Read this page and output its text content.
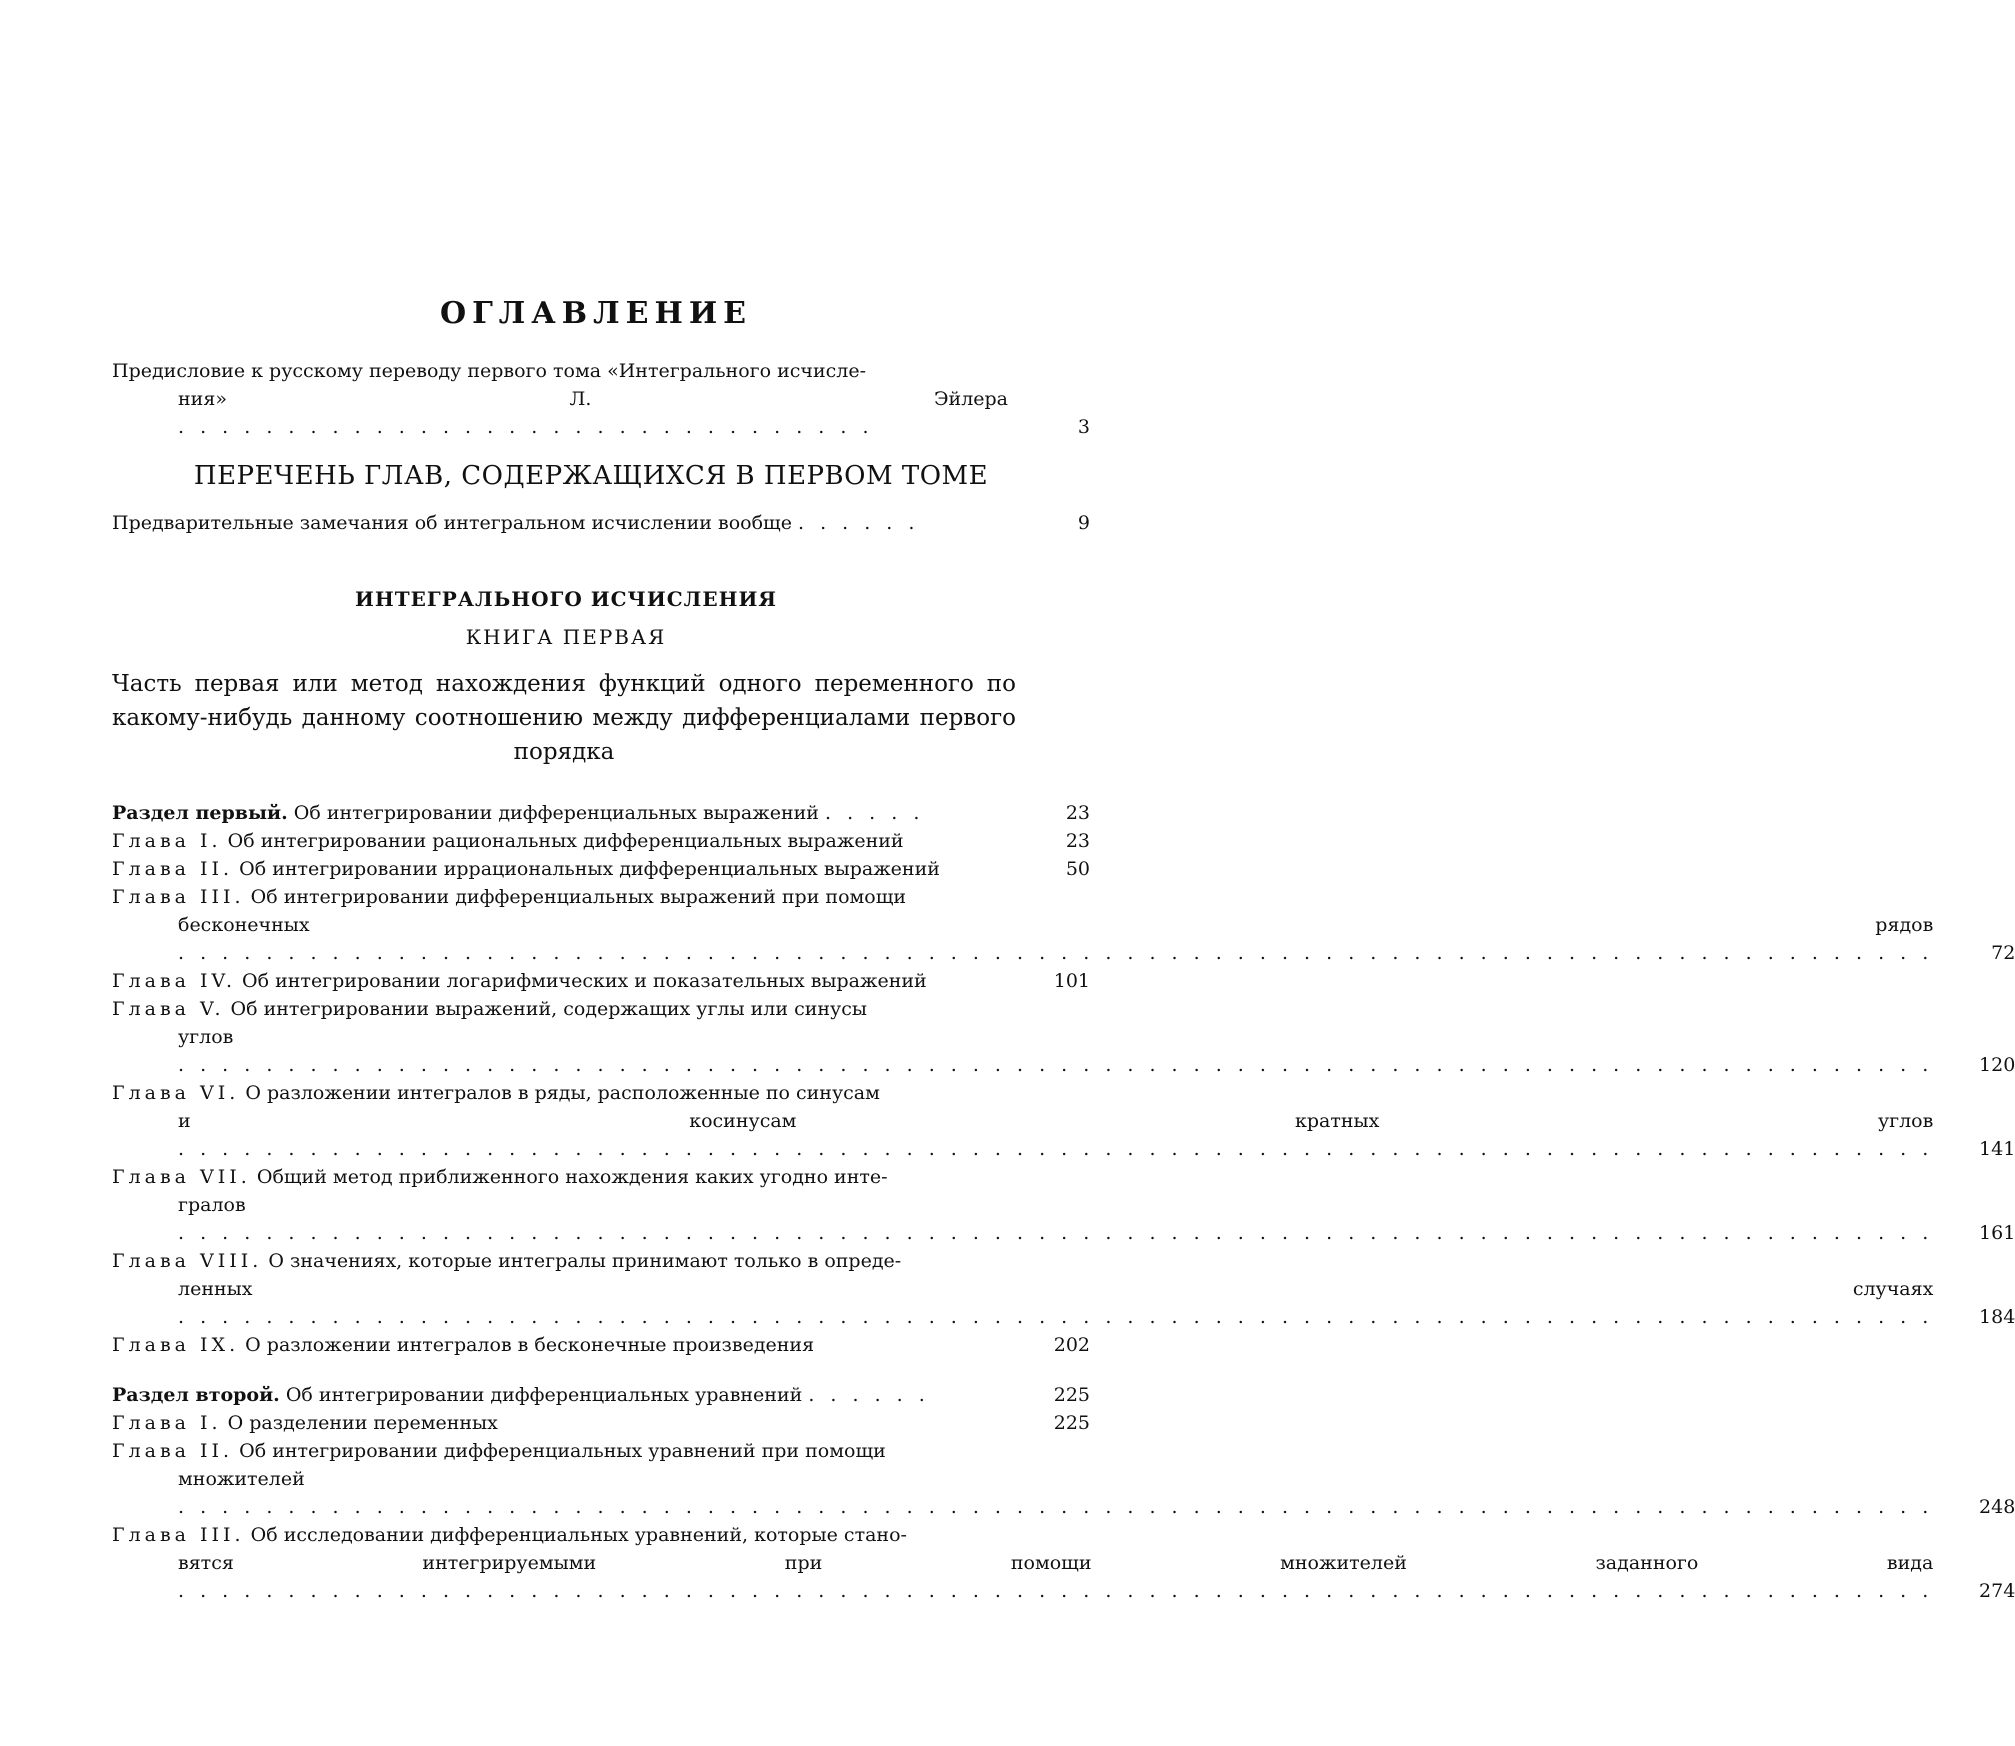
ОГЛАВЛЕНИЕ
Предисловие к русскому переводу первого тома «Интегрального исчисле-
ния» Л. Эйлера . . . . . . . . . . . . . . . . . . . . . . . . . . . . . . . .	3
ПЕРЕЧЕНЬ ГЛАВ, СОДЕРЖАЩИХСЯ В ПЕРВОМ ТОМЕ
Предварительные замечания об интегральном исчислении вообще . . . . . .	9
ИНТЕГРАЛЬНОГО ИСЧИСЛЕНИЯ
КНИГА ПЕРВАЯ
Часть первая или метод нахождения функций одного переменного по какому-нибудь данному соотношению между дифференциалами первого порядка
Раздел первый. Об интегрировании дифференциальных выражений . . . . .	23
Глава I. Об интегрировании рациональных дифференциальных выражений	23
Глава II. Об интегрировании иррациональных дифференциальных выражений	50
Глава III. Об интегрировании дифференциальных выражений при помощи
бесконечных рядов . . . . . . . . . . . . . . . . . . . . . . . . . . . . . . . . . . . . . . . . . . . . . . . . . . . . . . . . . . . . . . . . . . . . . . . . . . . . . . . .	72
Глава IV. Об интегрировании логарифмических и показательных выражений	101
Глава V. Об интегрировании выражений, содержащих углы или синусы
углов . . . . . . . . . . . . . . . . . . . . . . . . . . . . . . . . . . . . . . . . . . . . . . . . . . . . . . . . . . . . . . . . . . . . . . . . . . . . . . . .	120
Глава VI. О разложении интегралов в ряды, расположенные по синусам
и косинусам кратных углов . . . . . . . . . . . . . . . . . . . . . . . . . . . . . . . . . . . . . . . . . . . . . . . . . . . . . . . . . . . . . . . . . . . . . . . . . . . . . . . .	141
Глава VII. Общий метод приближенного нахождения каких угодно инте-
гралов . . . . . . . . . . . . . . . . . . . . . . . . . . . . . . . . . . . . . . . . . . . . . . . . . . . . . . . . . . . . . . . . . . . . . . . . . . . . . . . .	161
Глава VIII. О значениях, которые интегралы принимают только в опреде-
ленных случаях . . . . . . . . . . . . . . . . . . . . . . . . . . . . . . . . . . . . . . . . . . . . . . . . . . . . . . . . . . . . . . . . . . . . . . . . . . . . . . . .	184
Глава IX. О разложении интегралов в бесконечные произведения	202
Раздел второй. Об интегрировании дифференциальных уравнений . . . . . .	225
Глава I. О разделении переменных	225
Глава II. Об интегрировании дифференциальных уравнений при помощи
множителей . . . . . . . . . . . . . . . . . . . . . . . . . . . . . . . . . . . . . . . . . . . . . . . . . . . . . . . . . . . . . . . . . . . . . . . . . . . . . . . .	248
Глава III. Об исследовании дифференциальных уравнений, которые стано-
вятся интегрируемыми при помощи множителей заданного вида . . . . . . . . . . . . . . . . . . . . . . . . . . . . . . . . . . . . . . . . . . . . . . . . . . . . . . . . . . . . . . . . . . . . . . . . . . . . . . . .	274
